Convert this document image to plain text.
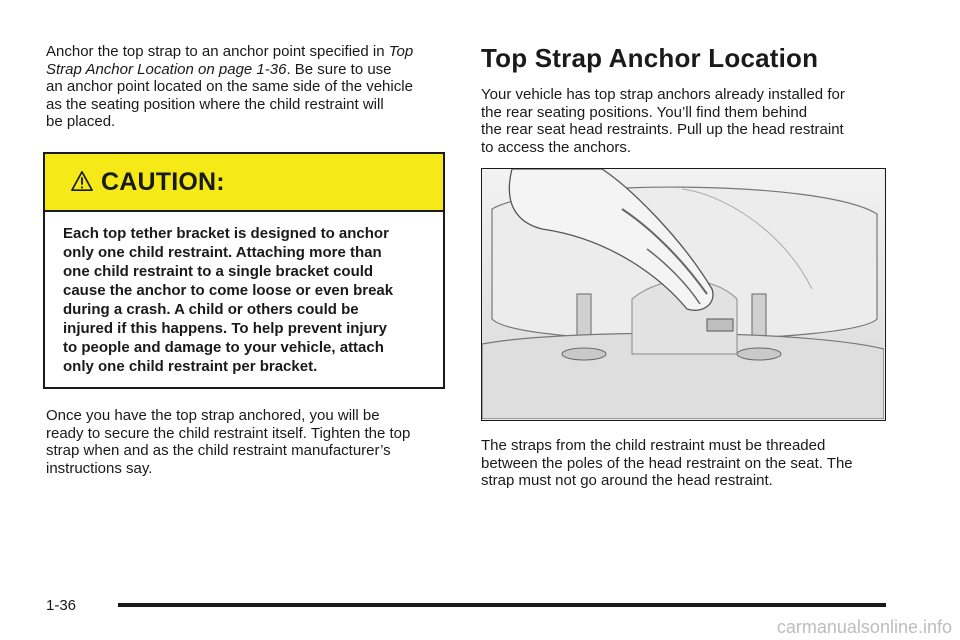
Anchor the top strap to an anchor point specified in Top
Strap Anchor Location on page 1-36. Be sure to use
an anchor point located on the same side of the vehicle
as the seating position where the child restraint will
be placed.

CAUTION:
Each top tether bracket is designed to anchor
only one child restraint. Attaching more than
one child restraint to a single bracket could
cause the anchor to come loose or even break
during a crash. A child or others could be
injured if this happens. To help prevent injury
to people and damage to your vehicle, attach
only one child restraint per bracket.
Once you have the top strap anchored, you will be
ready to secure the child restraint itself. Tighten the top
strap when and as the child restraint manufacturer’s
instructions say.
Top Strap Anchor Location

Your vehicle has top strap anchors already installed for
the rear seating positions. You’ll find them behind
the rear seat head restraints. Pull up the head restraint
to access the anchors.

The straps from the child restraint must be threaded
between the poles of the head restraint on the seat. The
strap must not go around the head restraint.
1-36
carmanualsonline.info
